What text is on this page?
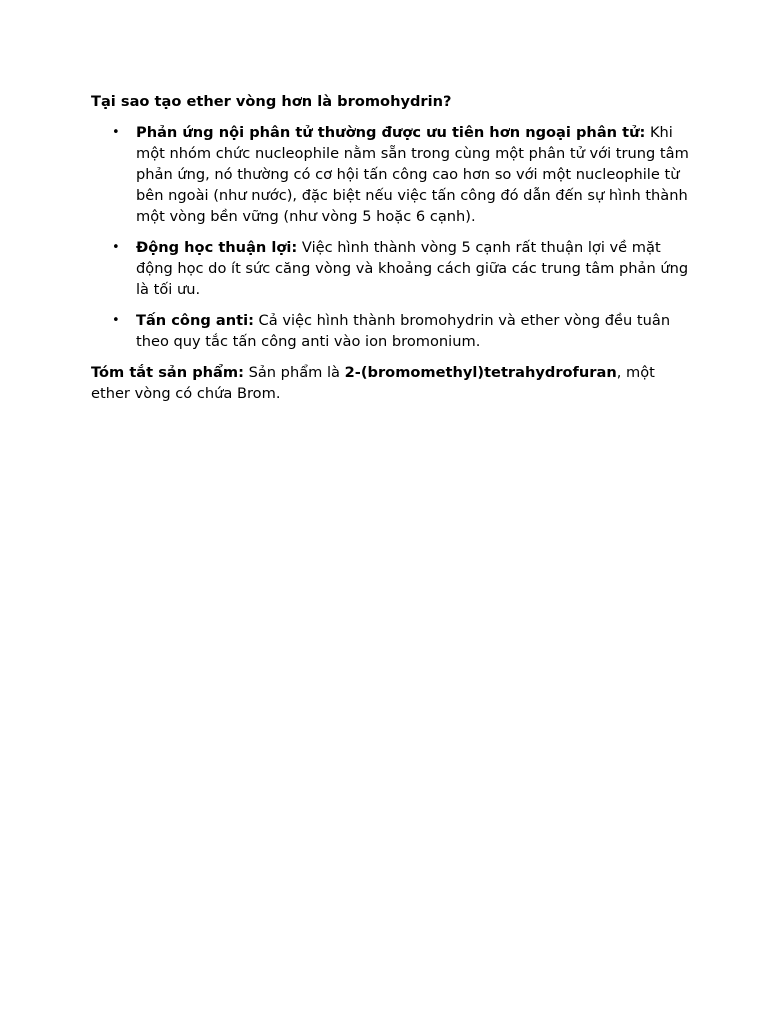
Tại sao tạo ether vòng hơn là bromohydrin?

• Phản ứng nội phân tử thường được ưu tiên hơn ngoại phân tử: Khi một nhóm chức nucleophile nằm sẵn trong cùng một phân tử với trung tâm phản ứng, nó thường có cơ hội tấn công cao hơn so với một nucleophile từ bên ngoài (như nước), đặc biệt nếu việc tấn công đó dẫn đến sự hình thành một vòng bền vững (như vòng 5 hoặc 6 cạnh).
• Động học thuận lợi: Việc hình thành vòng 5 cạnh rất thuận lợi về mặt động học do ít sức căng vòng và khoảng cách giữa các trung tâm phản ứng là tối ưu.
• Tấn công anti: Cả việc hình thành bromohydrin và ether vòng đều tuân theo quy tắc tấn công anti vào ion bromonium.

Tóm tắt sản phẩm: Sản phẩm là 2-(bromomethyl)tetrahydrofuran, một ether vòng có chứa Brom.
